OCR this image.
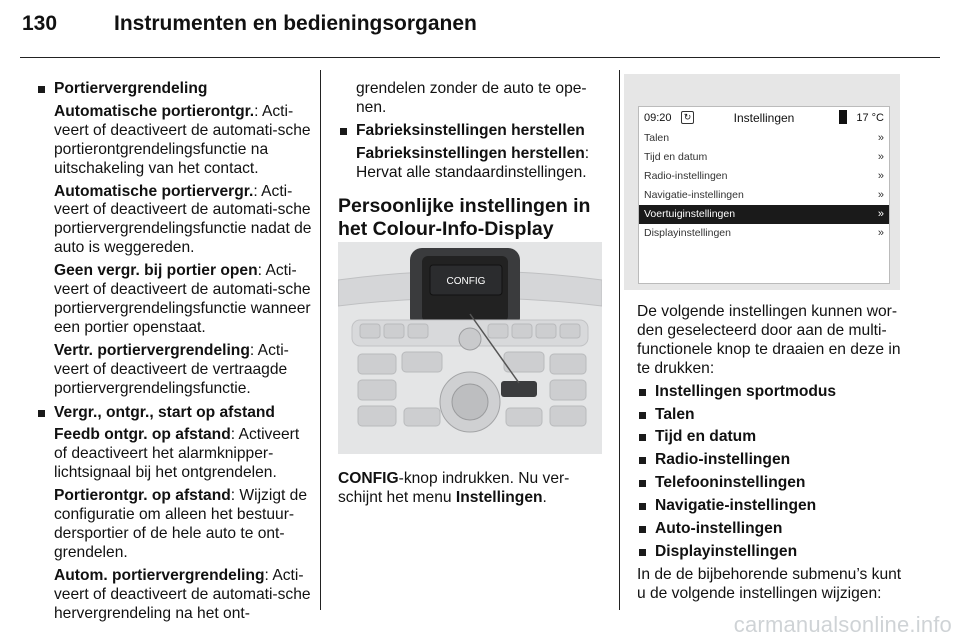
130	Instrumenten en bedieningsorganen

Portiervergrendeling

Automatische portierontgr.: Acti-veert of deactiveert de automati-sche portierontgrendelingsfunctie na uitschakeling van het contact.

Automatische portiervergr.: Acti-veert of deactiveert de automati-sche portiervergrendelingsfunctie nadat de auto is weggereden.

Geen vergr. bij portier open: Acti-veert of deactiveert de automati-sche portiervergrendelingsfunctie wanneer een portier openstaat.

Vertr. portiervergrendeling: Acti-veert of deactiveert de vertraagde portiervergrendelingsfunctie.

Vergr., ontgr., start op afstand

Feedb ontgr. op afstand: Activeert of deactiveert het alarmknipper-lichtsignaal bij het ontgrendelen.

Portierontgr. op afstand: Wijzigt de configuratie om alleen het bestuur-dersportier of de hele auto te ont-grendelen.

Autom. portiervergrendeling: Acti-veert of deactiveert de automati-sche hervergrendeling na het ont-

grendelen zonder de auto te ope-nen.

Fabrieksinstellingen herstellen

Fabrieksinstellingen herstellen: Hervat alle standaardinstellingen.

Persoonlijke instellingen in het Colour-Info-Display

CONFIG

CONFIG-knop indrukken. Nu ver-schijnt het menu Instellingen.

09:20	↻	Instellingen	17 °C
Talen	»
Tijd en datum	»
Radio-instellingen	»
Navigatie-instellingen	»
Voertuiginstellingen	»
Displayinstellingen	»

De volgende instellingen kunnen wor-den geselecteerd door aan de multi-functionele knop te draaien en deze in te drukken:

Instellingen sportmodus

Talen

Tijd en datum

Radio-instellingen

Telefooninstellingen

Navigatie-instellingen

Auto-instellingen

Displayinstellingen

In de de bijbehorende submenu’s kunt u de volgende instellingen wijzigen:

carmanualsonline.info
